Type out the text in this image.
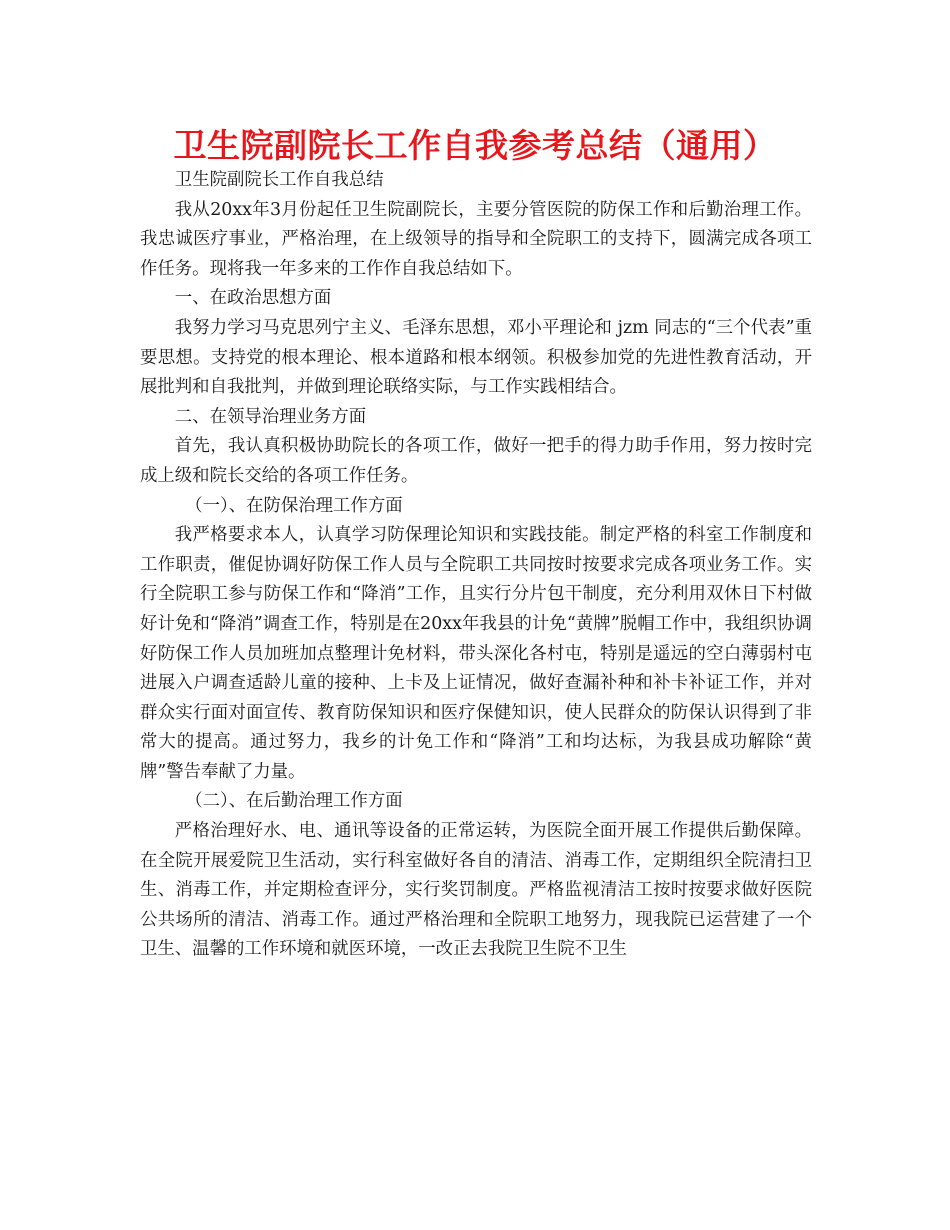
卫生院副院长工作自我参考总结（通用）

卫生院副院长工作自我总结

我从20xx年3月份起任卫生院副院长，主要分管医院的防保工作和后勤治理工作。我忠诚医疗事业，严格治理，在上级领导的指导和全院职工的支持下，圆满完成各项工作任务。现将我一年多来的工作作自我总结如下。

一、在政治思想方面

我努力学习马克思列宁主义、毛泽东思想，邓小平理论和 jzm 同志的“三个代表”重要思想。支持党的根本理论、根本道路和根本纲领。积极参加党的先进性教育活动，开展批判和自我批判，并做到理论联络实际，与工作实践相结合。

二、在领导治理业务方面

首先，我认真积极协助院长的各项工作，做好一把手的得力助手作用，努力按时完成上级和院长交给的各项工作任务。

（一）、在防保治理工作方面

我严格要求本人，认真学习防保理论知识和实践技能。制定严格的科室工作制度和工作职责，催促协调好防保工作人员与全院职工共同按时按要求完成各项业务工作。实行全院职工参与防保工作和“降消”工作，且实行分片包干制度，充分利用双休日下村做好计免和“降消”调查工作，特别是在20xx年我县的计免“黄牌”脱帽工作中，我组织协调好防保工作人员加班加点整理计免材料，带头深化各村屯，特别是遥远的空白薄弱村屯进展入户调查适龄儿童的接种、上卡及上证情况，做好查漏补种和补卡补证工作，并对群众实行面对面宣传、教育防保知识和医疗保健知识，使人民群众的防保认识得到了非常大的提高。通过努力，我乡的计免工作和“降消”工和均达标，为我县成功解除“黄牌”警告奉献了力量。

（二）、在后勤治理工作方面

严格治理好水、电、通讯等设备的正常运转，为医院全面开展工作提供后勤保障。在全院开展爱院卫生活动，实行科室做好各自的清洁、消毒工作，定期组织全院清扫卫生、消毒工作，并定期检查评分，实行奖罚制度。严格监视清洁工按时按要求做好医院公共场所的清洁、消毒工作。通过严格治理和全院职工地努力，现我院已运营建了一个卫生、温馨的工作环境和就医环境，一改正去我院卫生院不卫生
